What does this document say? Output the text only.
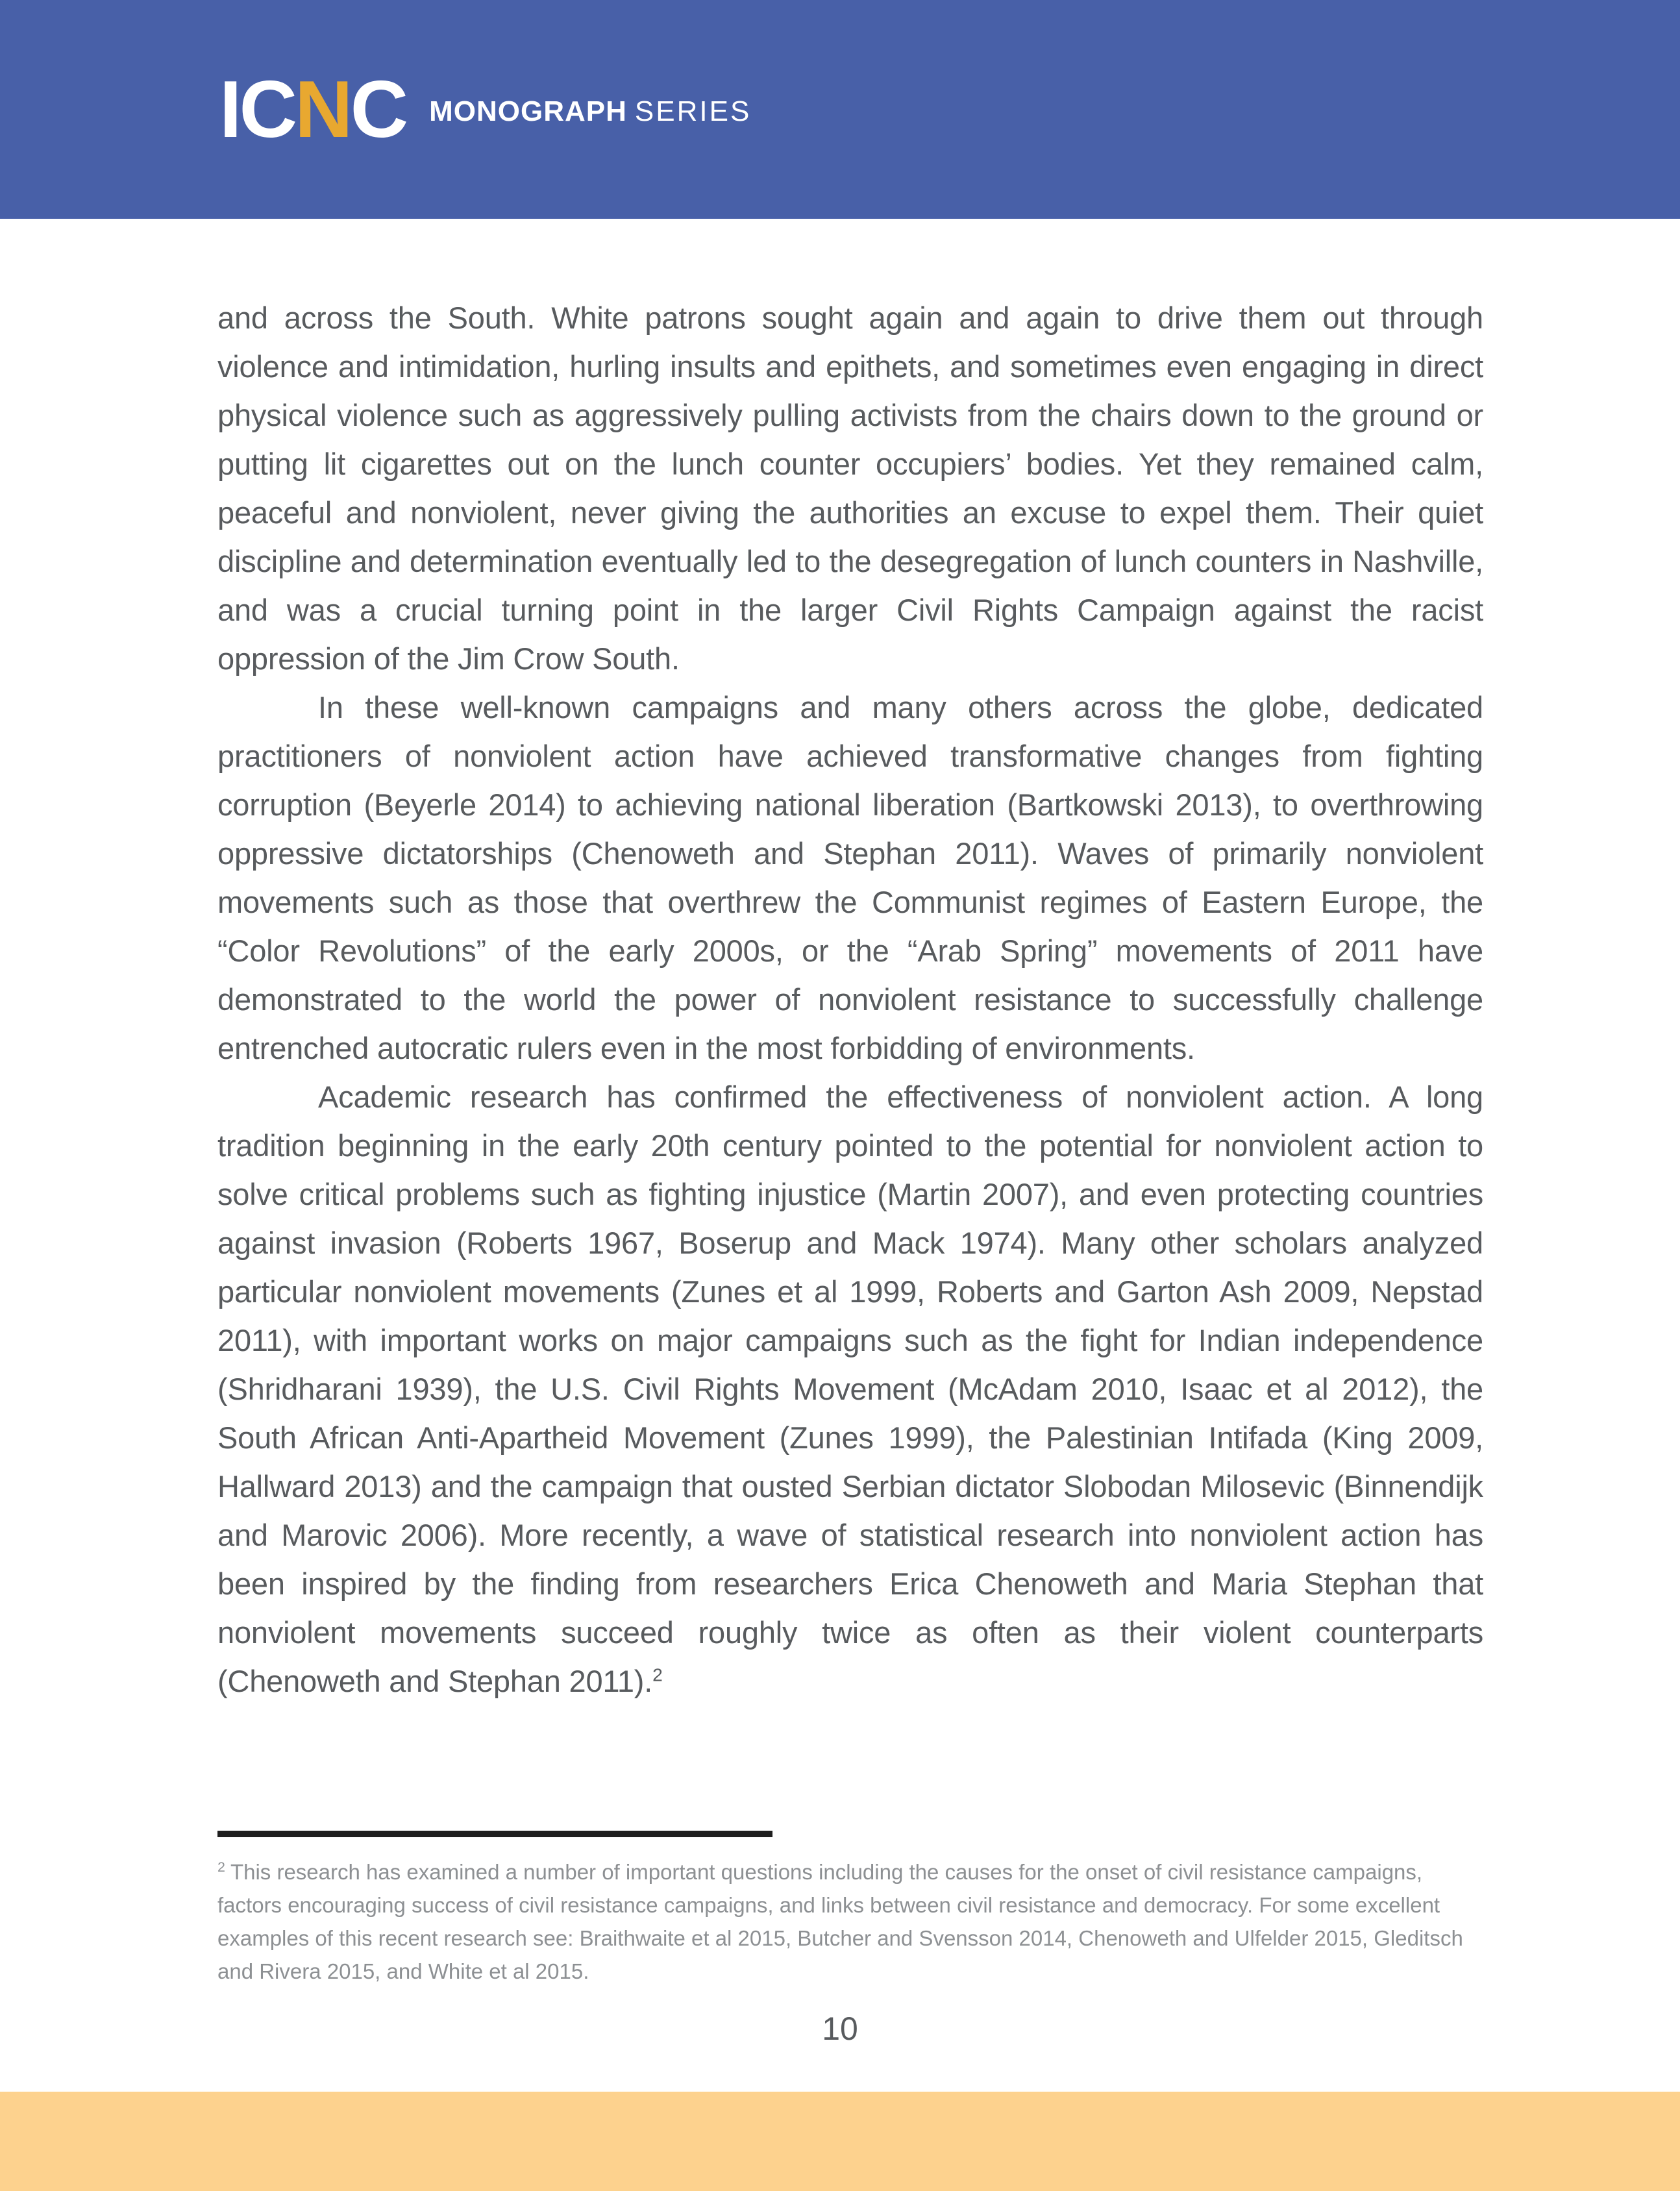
ICNC MONOGRAPH SERIES

and across the South. White patrons sought again and again to drive them out through violence and intimidation, hurling insults and epithets, and sometimes even engaging in direct physical violence such as aggressively pulling activists from the chairs down to the ground or putting lit cigarettes out on the lunch counter occupiers’ bodies. Yet they remained calm, peaceful and nonviolent, never giving the authorities an excuse to expel them. Their quiet discipline and determination eventually led to the desegregation of lunch counters in Nashville, and was a crucial turning point in the larger Civil Rights Campaign against the racist oppression of the Jim Crow South.

In these well-known campaigns and many others across the globe, dedicated practitioners of nonviolent action have achieved transformative changes from fighting corruption (Beyerle 2014) to achieving national liberation (Bartkowski 2013), to overthrowing oppressive dictatorships (Chenoweth and Stephan 2011). Waves of primarily nonviolent movements such as those that overthrew the Communist regimes of Eastern Europe, the “Color Revolutions” of the early 2000s, or the “Arab Spring” movements of 2011 have demonstrated to the world the power of nonviolent resistance to successfully challenge entrenched autocratic rulers even in the most forbidding of environments.

Academic research has confirmed the effectiveness of nonviolent action. A long tradition beginning in the early 20th century pointed to the potential for nonviolent action to solve critical problems such as fighting injustice (Martin 2007), and even protecting countries against invasion (Roberts 1967, Boserup and Mack 1974). Many other scholars analyzed particular nonviolent movements (Zunes et al 1999, Roberts and Garton Ash 2009, Nepstad 2011), with important works on major campaigns such as the fight for Indian independence (Shridharani 1939), the U.S. Civil Rights Movement (McAdam 2010, Isaac et al 2012), the South African Anti-Apartheid Movement (Zunes 1999), the Palestinian Intifada (King 2009, Hallward 2013) and the campaign that ousted Serbian dictator Slobodan Milosevic (Binnendijk and Marovic 2006). More recently, a wave of statistical research into nonviolent action has been inspired by the finding from researchers Erica Chenoweth and Maria Stephan that nonviolent movements succeed roughly twice as often as their violent counterparts (Chenoweth and Stephan 2011).$^2$

$^2$ This research has examined a number of important questions including the causes for the onset of civil resistance campaigns, factors encouraging success of civil resistance campaigns, and links between civil resistance and democracy. For some excellent examples of this recent research see: Braithwaite et al 2015, Butcher and Svensson 2014, Chenoweth and Ulfelder 2015, Gleditsch and Rivera 2015, and White et al 2015.

10
